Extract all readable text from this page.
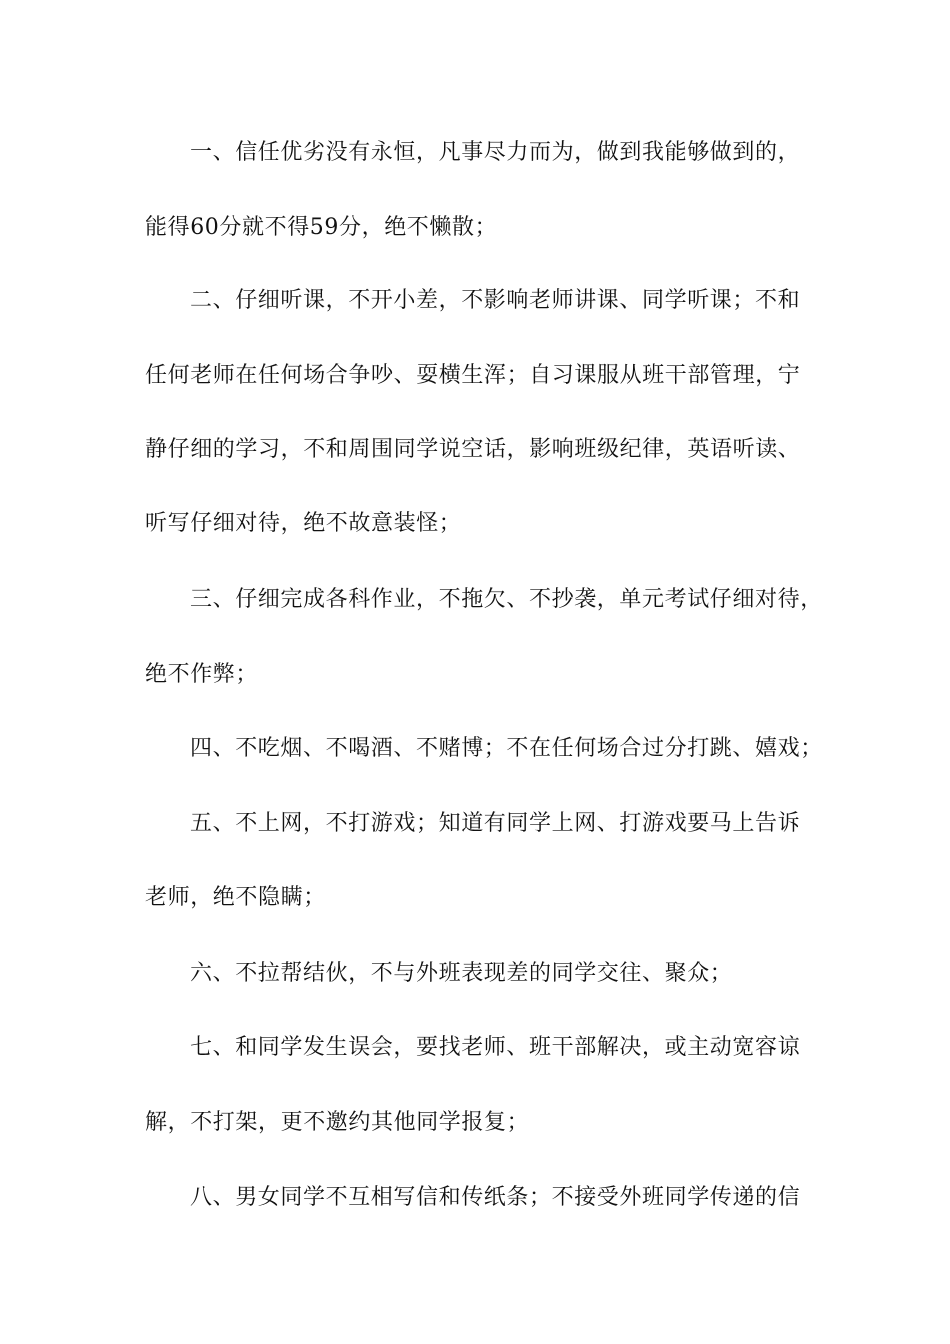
一、信任优劣没有永恒，凡事尽力而为，做到我能够做到的，
能得60分就不得59分，绝不懒散；
二、仔细听课，不开小差，不影响老师讲课、同学听课；不和
任何老师在任何场合争吵、耍横生浑；自习课服从班干部管理，宁
静仔细的学习，不和周围同学说空话，影响班级纪律，英语听读、
听写仔细对待，绝不故意装怪；
三、仔细完成各科作业，不拖欠、不抄袭，单元考试仔细对待，
绝不作弊；
四、不吃烟、不喝酒、不赌博；不在任何场合过分打跳、嬉戏；
五、不上网，不打游戏；知道有同学上网、打游戏要马上告诉
老师，绝不隐瞒；
六、不拉帮结伙，不与外班表现差的同学交往、聚众；
七、和同学发生误会，要找老师、班干部解决，或主动宽容谅
解，不打架，更不邀约其他同学报复；
八、男女同学不互相写信和传纸条；不接受外班同学传递的信
